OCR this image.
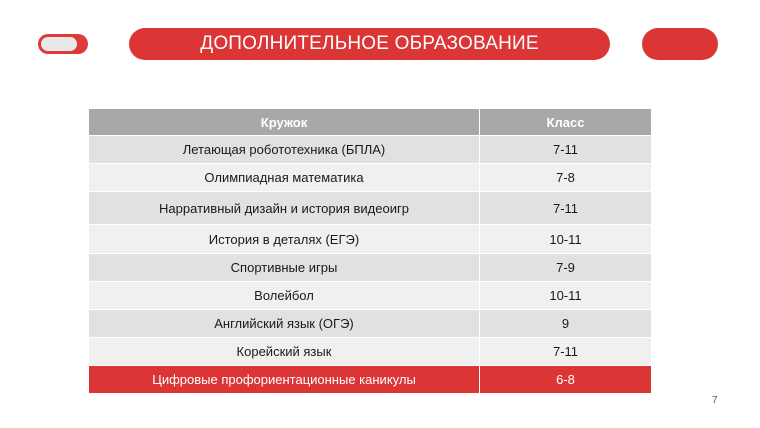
ДОПОЛНИТЕЛЬНОЕ ОБРАЗОВАНИЕ
Кружок	Класс
Летающая робототехника (БПЛА)	7-11
Олимпиадная математика	7-8
Нарративный дизайн и история видеоигр	7-11
История в деталях (ЕГЭ)	10-11
Спортивные игры	7-9
Волейбол	10-11
Английский язык (ОГЭ)	9
Корейский язык	7-11
Цифровые профориентационные каникулы	6-8
7
